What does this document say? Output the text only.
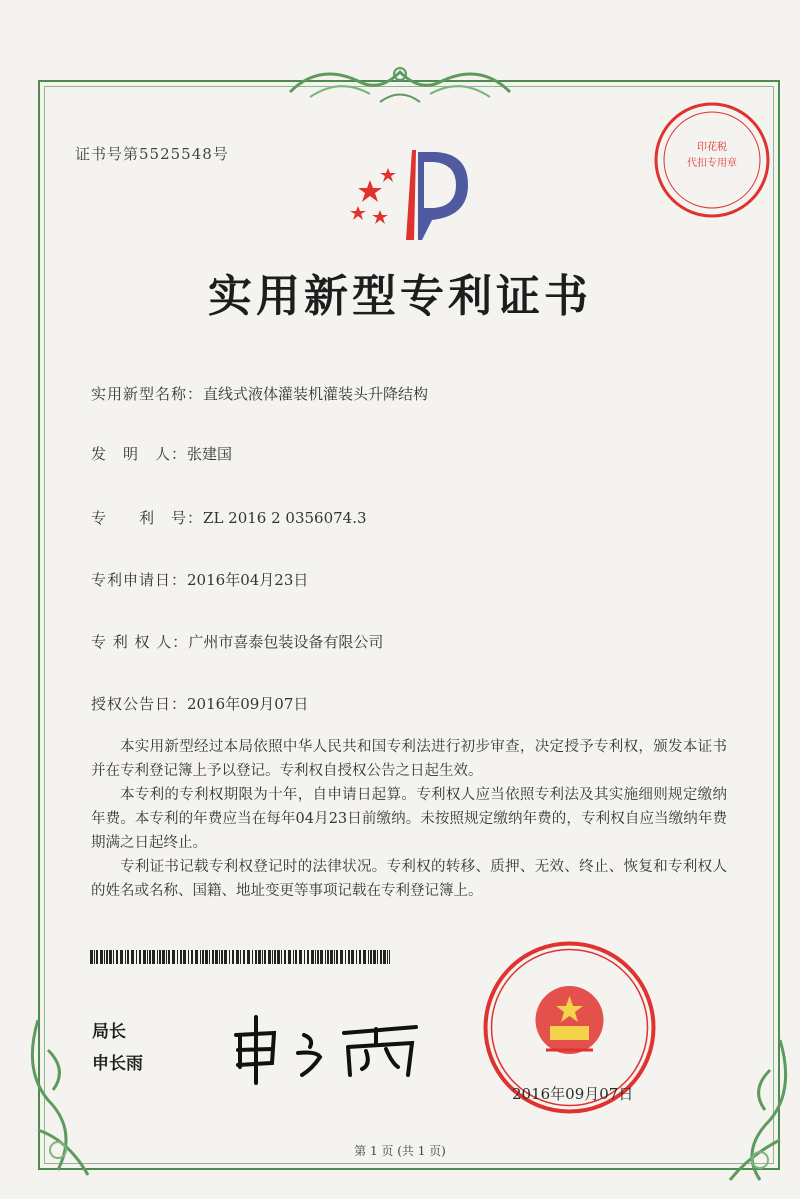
证书号第5525548号	印花税
代扣专用章
实用新型专利证书
实用新型名称：直线式液体灌装机灌装头升降结构
发　明　人：张建国
专　　利　号：ZL 2016 2 0356074.3
专利申请日：2016年04月23日
专 利 权 人：广州市喜泰包装设备有限公司
授权公告日：2016年09月07日

本实用新型经过本局依照中华人民共和国专利法进行初步审查，决定授予专利权，颁发本证书并在专利登记簿上予以登记。专利权自授权公告之日起生效。

本专利的专利权期限为十年，自申请日起算。专利权人应当依照专利法及其实施细则规定缴纳年费。本专利的年费应当在每年04月23日前缴纳。未按照规定缴纳年费的，专利权自应当缴纳年费期满之日起终止。

专利证书记载专利权登记时的法律状况。专利权的转移、质押、无效、终止、恢复和专利权人的姓名或名称、国籍、地址变更等事项记载在专利登记簿上。

局长
申长雨
2016年09月07日
第 1 页 (共 1 页)
